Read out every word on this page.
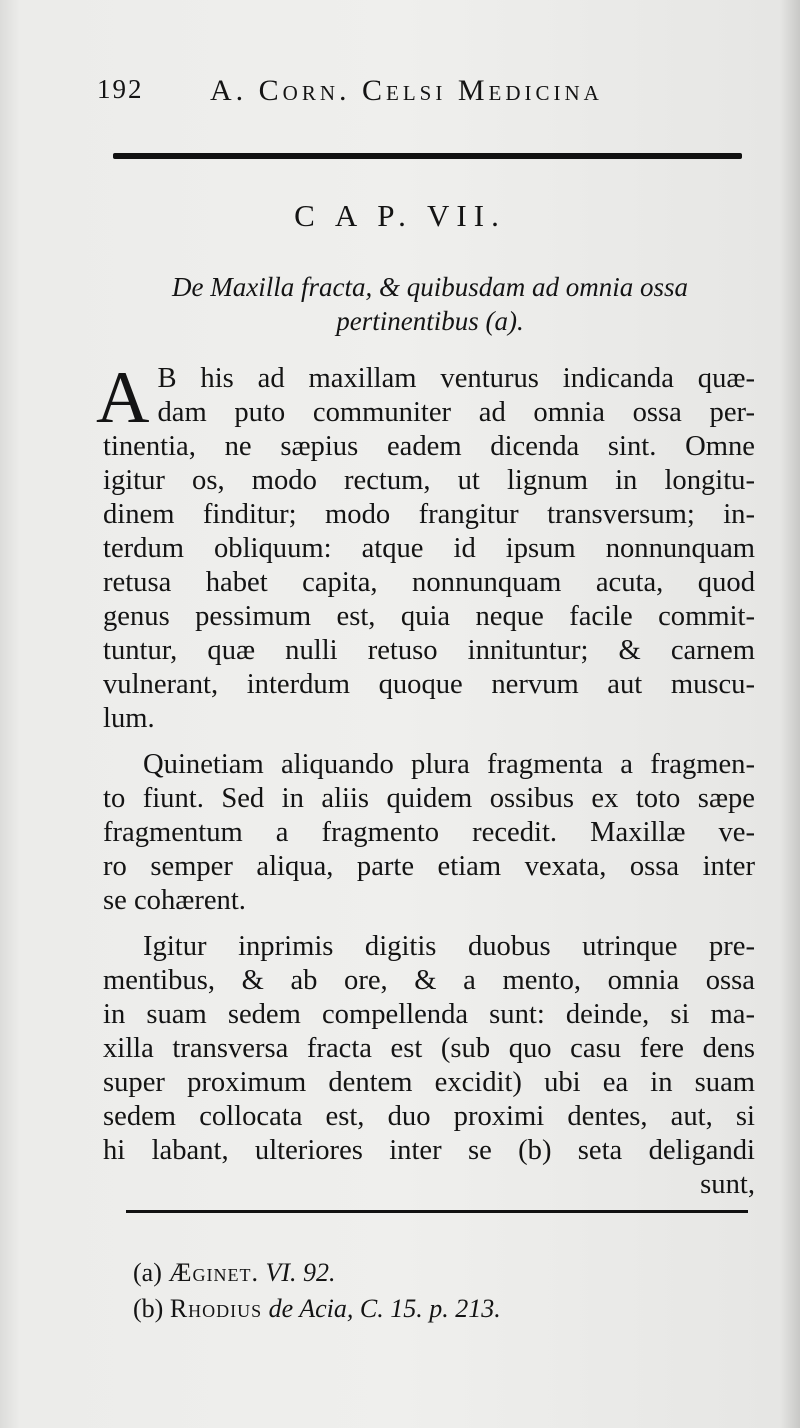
192 A. Corn. Celsi Medicina
C A P. VII.
De Maxilla fracta, & quibusdam ad omnia ossa
pertinentibus (a).
A B his ad maxillam venturus indicanda quæ-
dam puto communiter ad omnia ossa per-
tinentia, ne sæpius eadem dicenda sint. Omne
igitur os, modo rectum, ut lignum in longitu-
dinem finditur; modo frangitur transversum; in-
terdum obliquum: atque id ipsum nonnunquam
retusa habet capita, nonnunquam acuta, quod
genus pessimum est, quia neque facile commit-
tuntur, quæ nulli retuso innituntur; & carnem
vulnerant, interdum quoque nervum aut muscu-
lum.
Quinetiam aliquando plura fragmenta a fragmen-
to fiunt. Sed in aliis quidem ossibus ex toto sæpe
fragmentum a fragmento recedit. Maxillæ ve-
ro semper aliqua, parte etiam vexata, ossa inter
se cohærent.
Igitur inprimis digitis duobus utrinque pre-
mentibus, & ab ore, & a mento, omnia ossa
in suam sedem compellenda sunt: deinde, si ma-
xilla transversa fracta est (sub quo casu fere dens
super proximum dentem excidit) ubi ea in suam
sedem collocata est, duo proximi dentes, aut, si
hi labant, ulteriores inter se (b) seta deligandi
sunt,
(a) Æginet. VI. 92.
(b) Rhodius de Acia, C. 15. p. 213.
